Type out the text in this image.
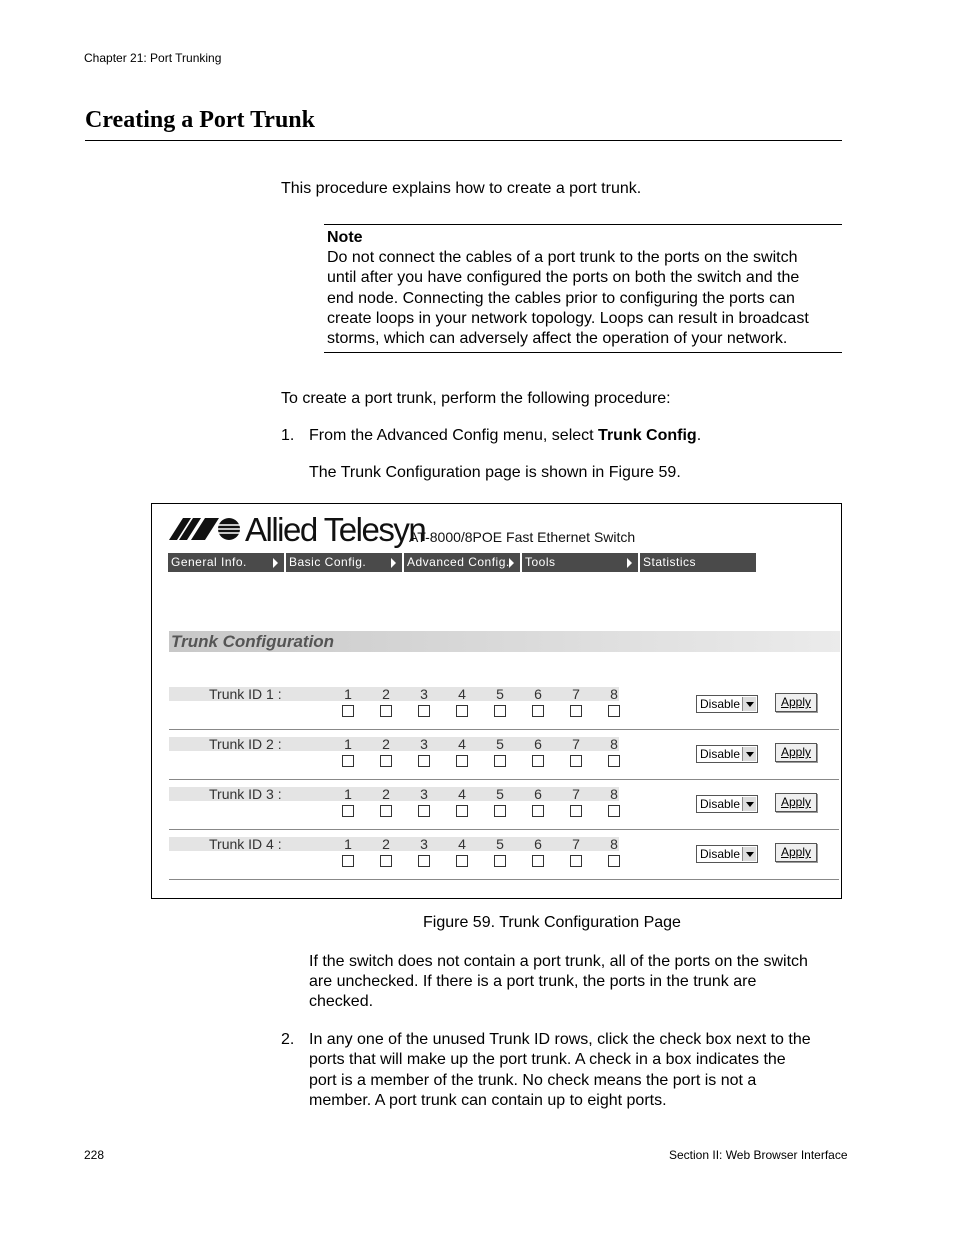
Chapter 21: Port Trunking
Creating a Port Trunk
This procedure explains how to create a port trunk.
Note
Do not connect the cables of a port trunk to the ports on the switch
until after you have configured the ports on both the switch and the
end node. Connecting the cables prior to configuring the ports can
create loops in your network topology. Loops can result in broadcast
storms, which can adversely affect the operation of your network.
To create a port trunk, perform the following procedure:
1. From the Advanced Config menu, select Trunk Config.
The Trunk Configuration page is shown in Figure 59.
Allied Telesyn
AT-8000/8POE Fast Ethernet Switch
General Info.	Basic Config.	Advanced Config.	Tools	Statistics
Trunk Configuration
Trunk ID 1 :	1 2 3 4 5 6 7 8
Disable	Apply
Trunk ID 2 :	1 2 3 4 5 6 7 8
Disable	Apply
Trunk ID 3 :	1 2 3 4 5 6 7 8
Disable	Apply
Trunk ID 4 :	1 2 3 4 5 6 7 8
Disable	Apply
Figure 59. Trunk Configuration Page
If the switch does not contain a port trunk, all of the ports on the switch
are unchecked. If there is a port trunk, the ports in the trunk are
checked.
2. In any one of the unused Trunk ID rows, click the check box next to the
ports that will make up the port trunk. A check in a box indicates the
port is a member of the trunk. No check means the port is not a
member. A port trunk can contain up to eight ports.
228	Section II: Web Browser Interface
